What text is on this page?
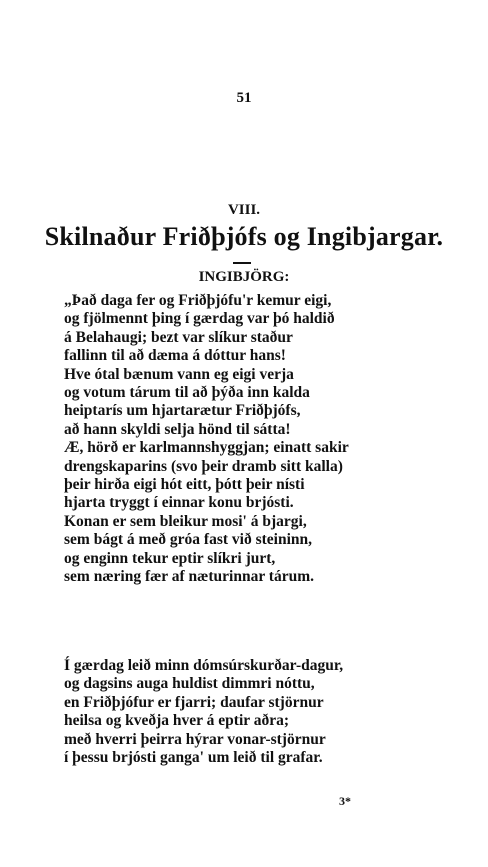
51
VIII.
Skilnaður Friðþjófs og Ingibjargar.
INGIBJÖRG:
„Það daga fer og Friðþjófu'r kemur eigi,
og fjölmennt þing í gærdag var þó haldið
á Belahaugi; bezt var slíkur staður
fallinn til að dæma á dóttur hans!
Hve ótal bænum vann eg eigi verja
og votum tárum til að þýða inn kalda
heiptarís um hjartarætur Friðþjófs,
að hann skyldi selja hönd til sátta!
Æ, hörð er karlmannshyggjan; einatt sakir
drengskaparins (svo þeir dramb sitt kalla)
þeir hirða eigi hót eitt, þótt þeir nísti
hjarta tryggt í einnar konu brjósti.
Konan er sem bleikur mosi' á bjargi,
sem bágt á með gróa fast við steininn,
og enginn tekur eptir slíkri jurt,
sem næring fær af næturinnar tárum.
Í gærdag leið minn dómsúrskurðar-dagur,
og dagsins auga huldist dimmri nóttu,
en Friðþjófur er fjarri; daufar stjörnur
heilsa og kveðja hver á eptir aðra;
með hverri þeirra hýrar vonar-stjörnur
í þessu brjósti ganga' um leið til grafar.
3*
